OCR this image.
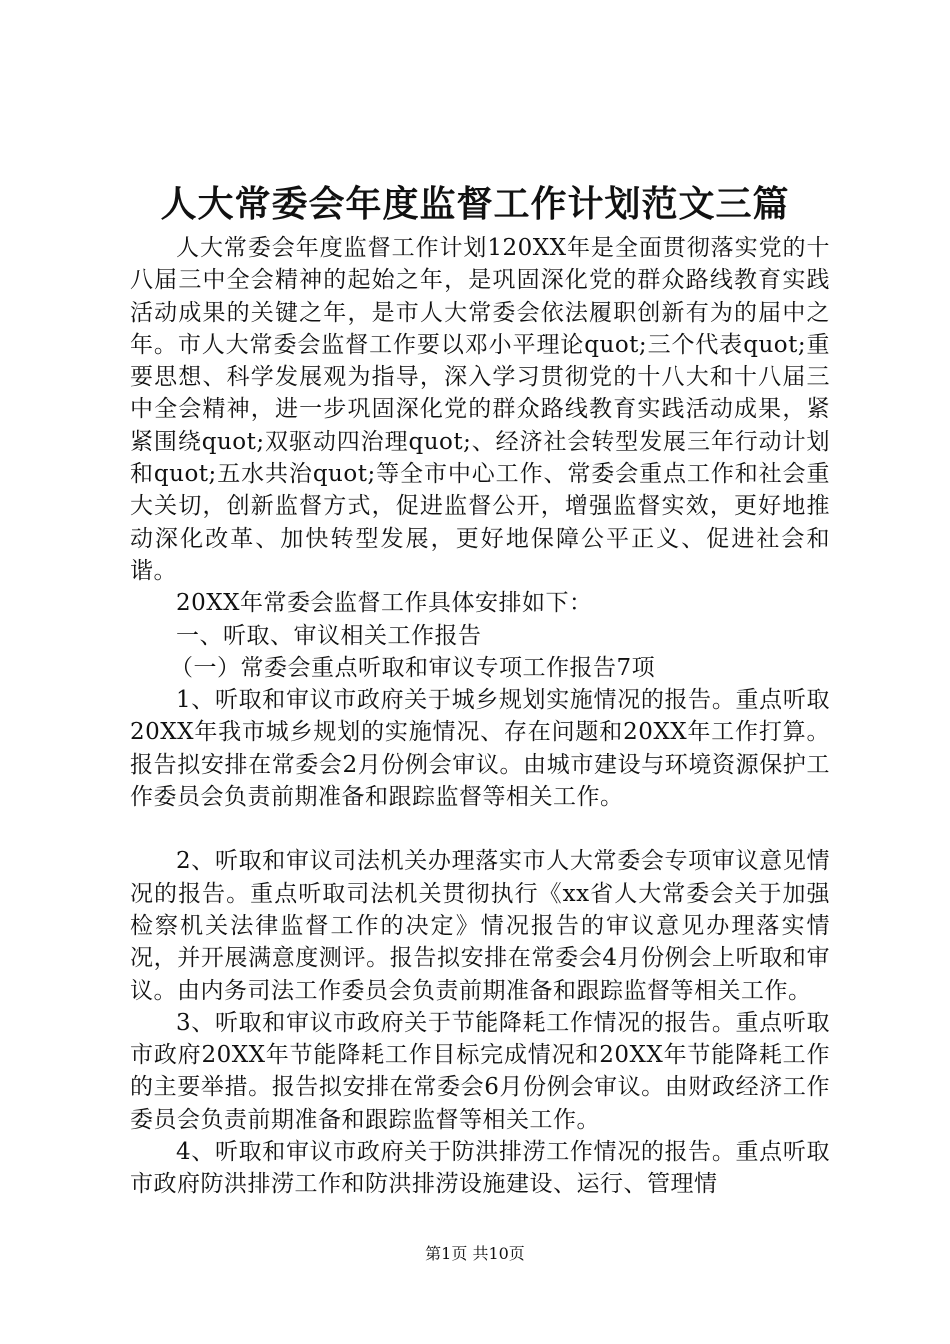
人大常委会年度监督工作计划范文三篇

人大常委会年度监督工作计划120XX年是全面贯彻落实党的十八届三中全会精神的起始之年，是巩固深化党的群众路线教育实践活动成果的关键之年，是市人大常委会依法履职创新有为的届中之年。市人大常委会监督工作要以邓小平理论quot;三个代表quot;重要思想、科学发展观为指导，深入学习贯彻党的十八大和十八届三中全会精神，进一步巩固深化党的群众路线教育实践活动成果，紧紧围绕quot;双驱动四治理quot;、经济社会转型发展三年行动计划和quot;五水共治quot;等全市中心工作、常委会重点工作和社会重大关切，创新监督方式，促进监督公开，增强监督实效，更好地推动深化改革、加快转型发展，更好地保障公平正义、促进社会和谐。

20XX年常委会监督工作具体安排如下：

一、听取、审议相关工作报告

（一）常委会重点听取和审议专项工作报告7项

1、听取和审议市政府关于城乡规划实施情况的报告。重点听取20XX年我市城乡规划的实施情况、存在问题和20XX年工作打算。报告拟安排在常委会2月份例会审议。由城市建设与环境资源保护工作委员会负责前期准备和跟踪监督等相关工作。

2、听取和审议司法机关办理落实市人大常委会专项审议意见情况的报告。重点听取司法机关贯彻执行《xx省人大常委会关于加强检察机关法律监督工作的决定》情况报告的审议意见办理落实情况，并开展满意度测评。报告拟安排在常委会4月份例会上听取和审议。由内务司法工作委员会负责前期准备和跟踪监督等相关工作。

3、听取和审议市政府关于节能降耗工作情况的报告。重点听取市政府20XX年节能降耗工作目标完成情况和20XX年节能降耗工作的主要举措。报告拟安排在常委会6月份例会审议。由财政经济工作委员会负责前期准备和跟踪监督等相关工作。

4、听取和审议市政府关于防洪排涝工作情况的报告。重点听取市政府防洪排涝工作和防洪排涝设施建设、运行、管理情

第1页 共10页
